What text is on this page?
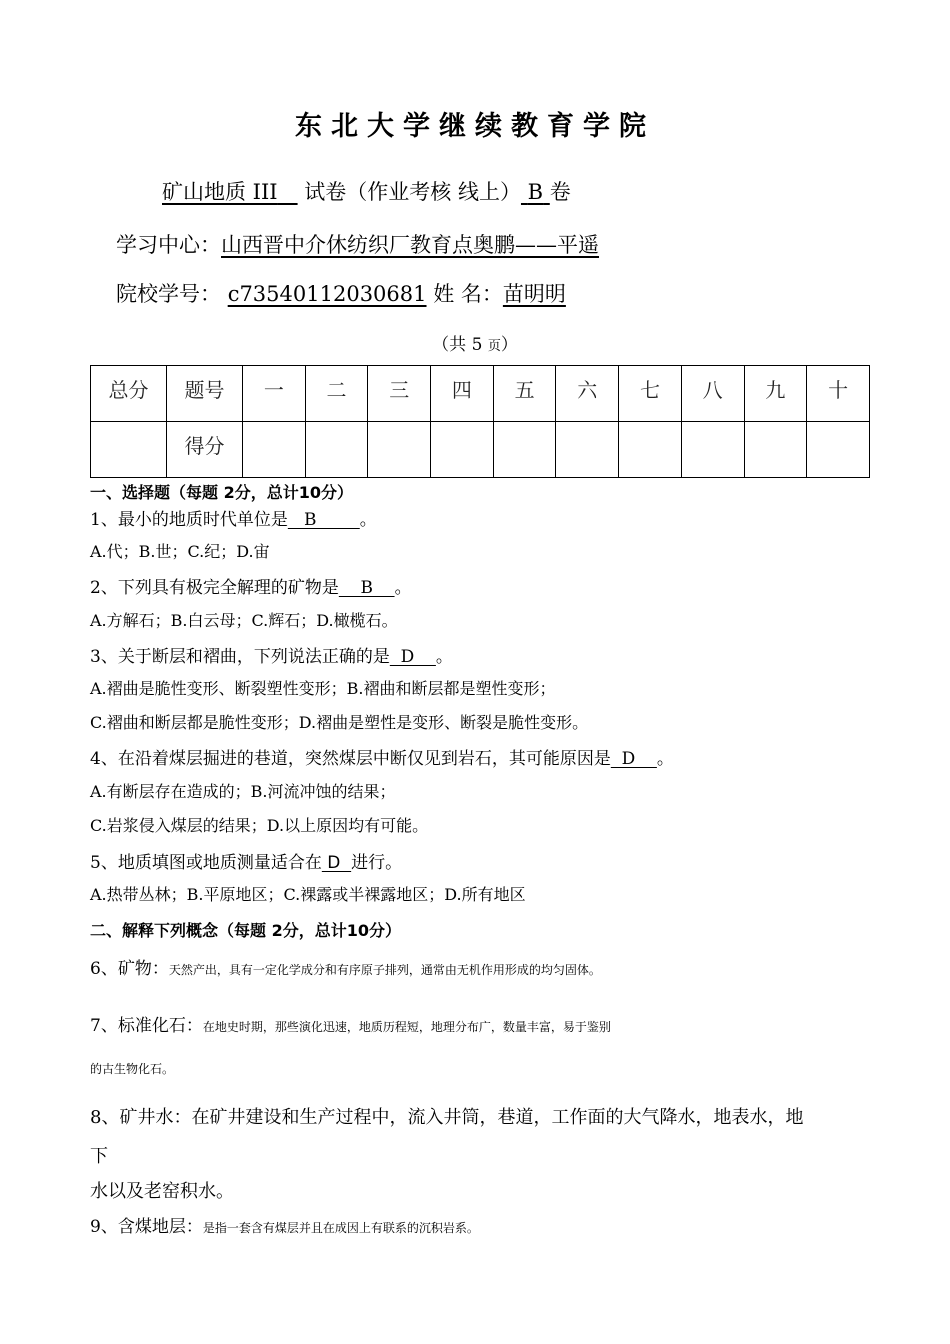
东北大学继续教育学院
矿山地质 III 试卷（作业考核 线上） B 卷
学习中心：山西晋中介休纺织厂教育点奥鹏——平遥
院校学号： c73540112030681 姓 名：苗明明
（共 5 页）
总分	题号	一	二	三	四	五	六	七	八	九	十
	得分										
一、选择题（每题 2分，总计10分）
1、最小的地质时代单位是   B        。
A.代；B.世；C.纪；D.宙
2、下列具有极完全解理的矿物是    B    。
A.方解石；B.白云母；C.辉石；D.橄榄石。
3、关于断层和褶曲，下列说法正确的是  D    。
A.褶曲是脆性变形、断裂塑性变形；B.褶曲和断层都是塑性变形；
C.褶曲和断层都是脆性变形；D.褶曲是塑性是变形、断裂是脆性变形。
4、在沿着煤层掘进的巷道，突然煤层中断仅见到岩石，其可能原因是  D    。
A.有断层存在造成的；B.河流冲蚀的结果；
C.岩浆侵入煤层的结果；D.以上原因均有可能。
5、地质填图或地质测量适合在 D  进行。
A.热带丛林；B.平原地区；C.裸露或半裸露地区；D.所有地区
二、解释下列概念（每题 2分，总计10分）
6、矿物：天然产出，具有一定化学成分和有序原子排列，通常由无机作用形成的均匀固体。
7、标准化石：在地史时期，那些演化迅速，地质历程短，地理分布广，数量丰富，易于鉴别
的古生物化石。
8、矿井水：在矿井建设和生产过程中，流入井筒，巷道，工作面的大气降水，地表水，地
下
水以及老窑积水。
9、含煤地层：是指一套含有煤层并且在成因上有联系的沉积岩系。
